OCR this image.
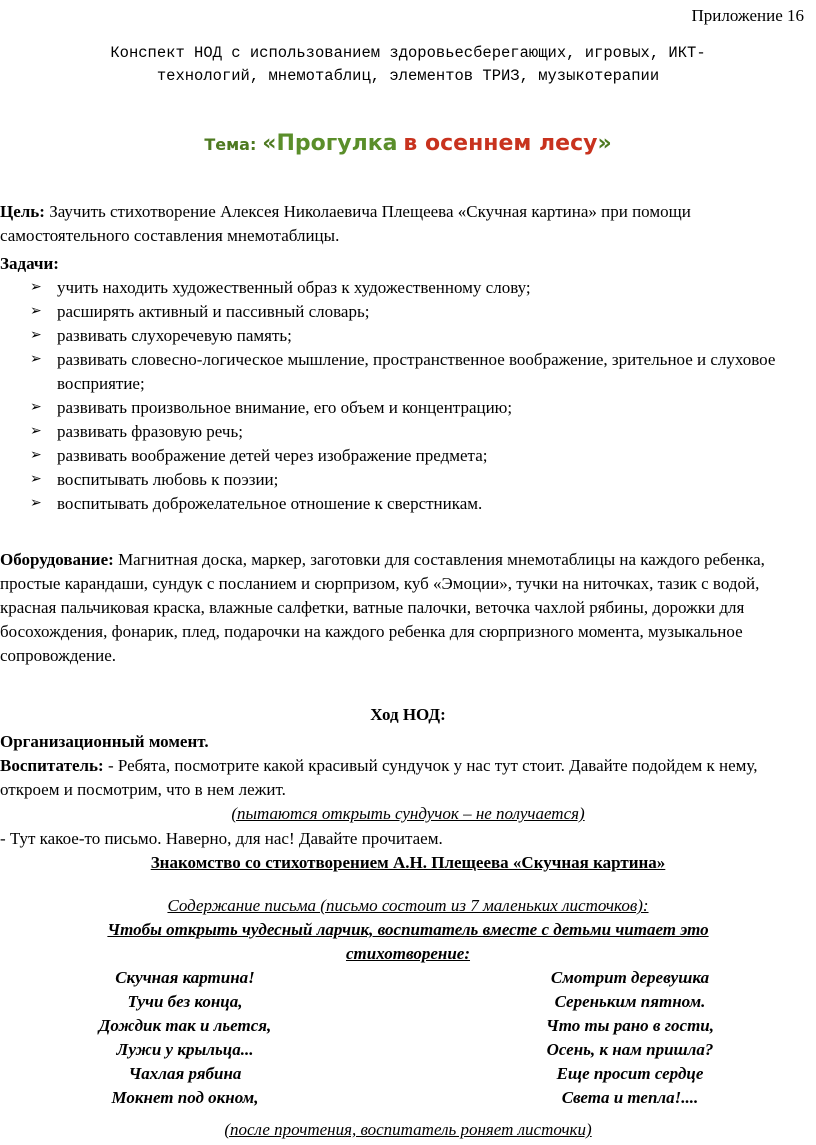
Приложение 16
Конспект НОД с использованием здоровьесберегающих, игровых, ИКТ-
технологий, мнемотаблиц, элементов ТРИЗ, музыкотерапии
Тема: «Прогулка в осеннем лесу»
Цель: Заучить стихотворение Алексея Николаевича Плещеева «Скучная картина» при помощи самостоятельного составления мнемотаблицы.
Задачи:
➢ учить находить художественный образ к художественному слову;
➢ расширять активный и пассивный словарь;
➢ развивать слухоречевую память;
➢ развивать словесно-логическое мышление, пространственное воображение, зрительное и слуховое восприятие;
➢ развивать произвольное внимание, его объем и концентрацию;
➢ развивать фразовую речь;
➢ развивать воображение детей через изображение предмета;
➢ воспитывать любовь к поэзии;
➢ воспитывать доброжелательное отношение к сверстникам.
Оборудование: Магнитная доска, маркер, заготовки для составления мнемотаблицы на каждого ребенка, простые карандаши, сундук с посланием и сюрпризом, куб «Эмоции», тучки на ниточках, тазик с водой, красная пальчиковая краска, влажные салфетки, ватные палочки, веточка чахлой рябины, дорожки для босохождения, фонарик, плед, подарочки на каждого ребенка для сюрпризного момента, музыкальное сопровождение.
Ход НОД:
Организационный момент.
Воспитатель: - Ребята, посмотрите какой красивый сундучок у нас тут стоит. Давайте подойдем к нему, откроем и посмотрим, что в нем лежит.
(пытаются открыть сундучок – не получается)
- Тут какое-то письмо. Наверно, для нас! Давайте прочитаем.
Знакомство со стихотворением А.Н. Плещеева «Скучная картина»
Содержание письма (письмо состоит из 7 маленьких листочков):
Чтобы открыть чудесный ларчик, воспитатель вместе с детьми читает это стихотворение:
Скучная картина!
Тучи без конца,
Дождик так и льется,
Лужи у крыльца...
Чахлая рябина
Мокнет под окном,
Смотрит деревушка
Сереньким пятном.
Что ты рано в гости,
Осень, к нам пришла?
Еще просит сердце
Света и тепла!....
(после прочтения, воспитатель роняет листочки)
